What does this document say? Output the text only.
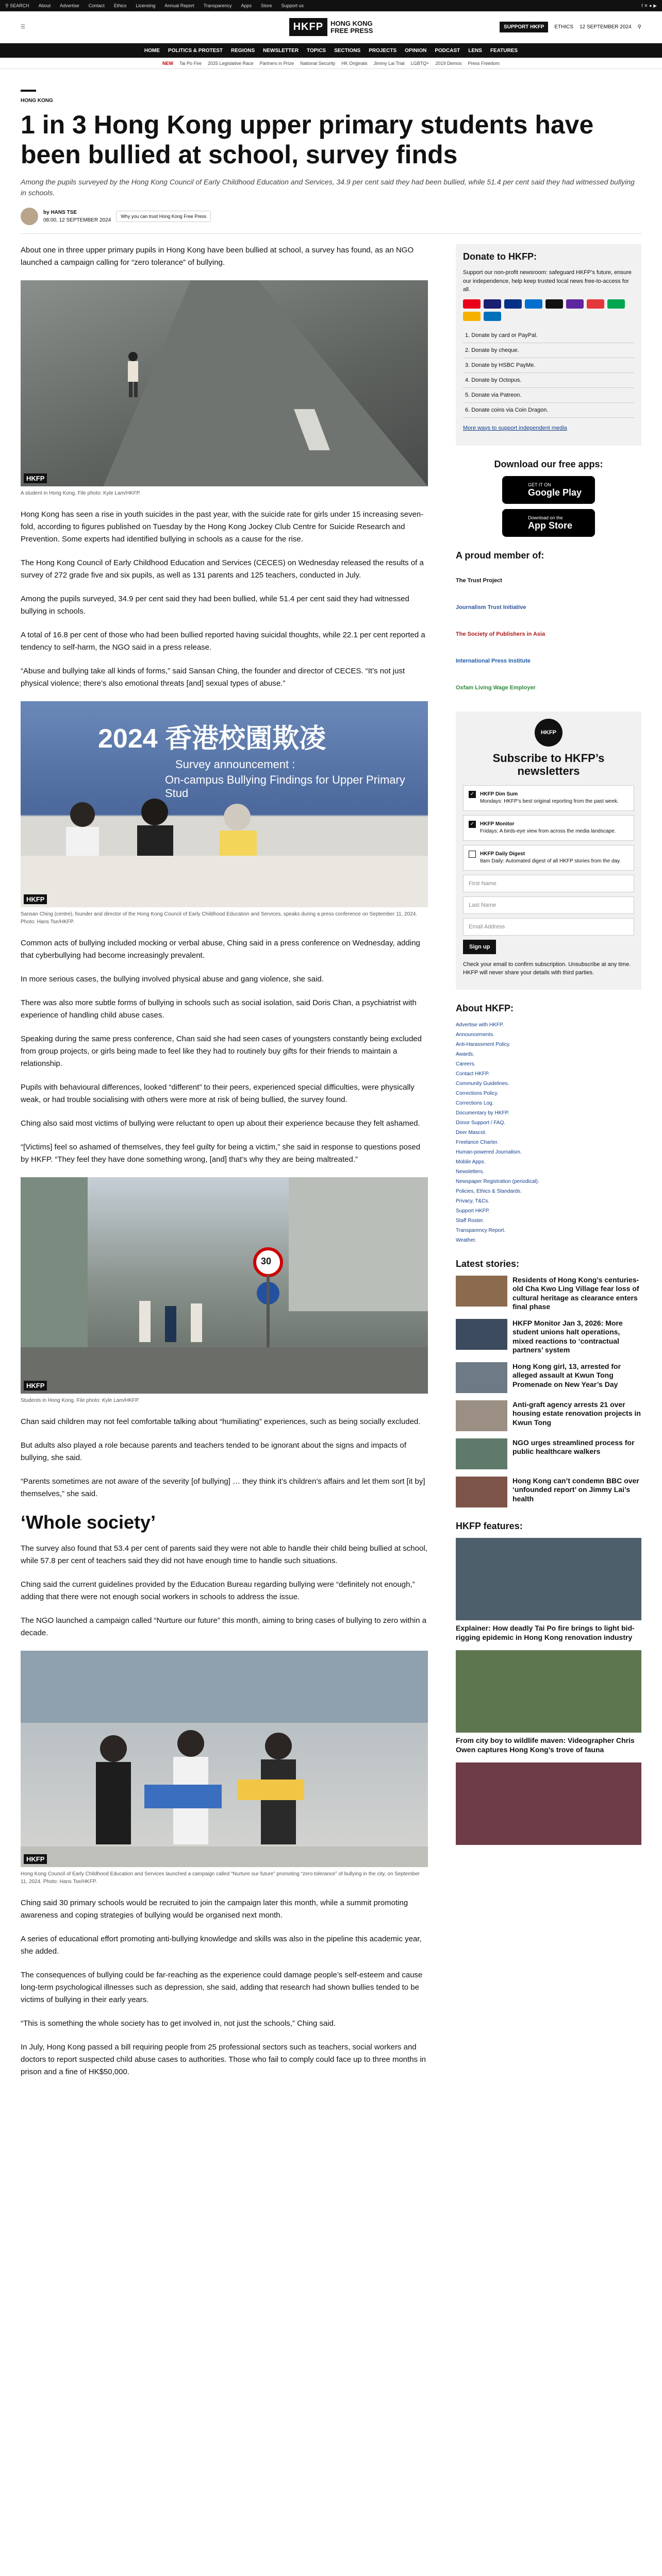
⚲ SEARCH About Advertise Contact Ethics Licensing Annual Report Transparency Apps Store Support us	f ✕ ● ▶
☰	HKFP	HONG KONG
FREE PRESS	SUPPORT HKFP	ETHICS 12 SEPTEMBER 2024 ⚲
HOME POLITICS & PROTEST REGIONS NEWSLETTER TOPICS SECTIONS PROJECTS OPINION PODCAST LENS FEATURES
NEW Tai Po Fire 2025 Legislative Race Partners in Prize National Security HK Originals Jimmy Lai Trial LGBTQ+ 2019 Demos Press Freedom
HONG KONG
1 in 3 Hong Kong upper primary students have been bullied at school, survey finds

Among the pupils surveyed by the Hong Kong Council of Early Childhood Education and Services, 34.9 per cent said they had been bullied, while 51.4 per cent said they had witnessed bullying in schools.

by HANS TSE
08:00, 12 SEPTEMBER 2024
Why you can trust Hong Kong Free Press

About one in three upper primary pupils in Hong Kong have been bullied at school, a survey has found, as an NGO launched a campaign calling for “zero tolerance” of bullying.

HKFP
A student in Hong Kong. File photo: Kyle Lam/HKFP.

Hong Kong has seen a rise in youth suicides in the past year, with the suicide rate for girls under 15 increasing seven-fold, according to figures published on Tuesday by the Hong Kong Jockey Club Centre for Suicide Research and Prevention. Some experts had identified bullying in schools as a cause for the rise.

The Hong Kong Council of Early Childhood Education and Services (CECES) on Wednesday released the results of a survey of 272 grade five and six pupils, as well as 131 parents and 125 teachers, conducted in July.

Among the pupils surveyed, 34.9 per cent said they had been bullied, while 51.4 per cent said they had witnessed bullying in schools.

A total of 16.8 per cent of those who had been bullied reported having suicidal thoughts, while 22.1 per cent reported a tendency to self-harm, the NGO said in a press release.

“Abuse and bullying take all kinds of forms,” said Sansan Ching, the founder and director of CECES. “It’s not just physical violence; there’s also emotional threats [and] sexual types of abuse.”

2024 香港校園欺凌
Survey announcement :
On-campus Bullying Findings for Upper Primary Stud
HKFP
Sansan Ching (centre), founder and director of the Hong Kong Council of Early Childhood Education and Services, speaks during a press conference on September 11, 2024. Photo: Hans Tse/HKFP.

Common acts of bullying included mocking or verbal abuse, Ching said in a press conference on Wednesday, adding that cyberbullying had become increasingly prevalent.

In more serious cases, the bullying involved physical abuse and gang violence, she said.

There was also more subtle forms of bullying in schools such as social isolation, said Doris Chan, a psychiatrist with experience of handling child abuse cases.

Speaking during the same press conference, Chan said she had seen cases of youngsters constantly being excluded from group projects, or girls being made to feel like they had to routinely buy gifts for their friends to maintain a relationship.

Pupils with behavioural differences, looked “different” to their peers, experienced special difficulties, were physically weak, or had trouble socialising with others were more at risk of being bullied, the survey found.

Ching also said most victims of bullying were reluctant to open up about their experience because they felt ashamed.

“[Victims] feel so ashamed of themselves, they feel guilty for being a victim,” she said in response to questions posed by HKFP. “They feel they have done something wrong, [and] that’s why they are being maltreated.”

30
HKFP
Students in Hong Kong. File photo: Kyle Lam/HKFP.

Chan said children may not feel comfortable talking about “humiliating” experiences, such as being socially excluded.

But adults also played a role because parents and teachers tended to be ignorant about the signs and impacts of bullying, she said.

“Parents sometimes are not aware of the severity [of bullying] … they think it’s children’s affairs and let them sort [it by] themselves,” she said.

‘Whole society’

The survey also found that 53.4 per cent of parents said they were not able to handle their child being bullied at school, while 57.8 per cent of teachers said they did not have enough time to handle such situations.

Ching said the current guidelines provided by the Education Bureau regarding bullying were “definitely not enough,” adding that there were not enough social workers in schools to address the issue.

The NGO launched a campaign called “Nurture our future” this month, aiming to bring cases of bullying to zero within a decade.

HKFP
Hong Kong Council of Early Childhood Education and Services launched a campaign called “Nurture our future” promoting “zero tolerance” of bullying in the city, on September 11, 2024. Photo: Hans Tse/HKFP.

Ching said 30 primary schools would be recruited to join the campaign later this month, while a summit promoting awareness and coping strategies of bullying would be organised next month.

A series of educational effort promoting anti-bullying knowledge and skills was also in the pipeline this academic year, she added.

The consequences of bullying could be far-reaching as the experience could damage people’s self-esteem and cause long-term psychological illnesses such as depression, she said, adding that research had shown bullies tended to be victims of bullying in their early years.

“This is something the whole society has to get involved in, not just the schools,” Ching said.

In July, Hong Kong passed a bill requiring people from 25 professional sectors such as teachers, social workers and doctors to report suspected child abuse cases to authorities. Those who fail to comply could face up to three months in prison and a fine of HK$50,000.

Donate to HKFP:

Support our non-profit newsroom: safeguard HKFP’s future, ensure our independence, help keep trusted local news free-to-access for all.

1. Donate by card or PayPal.
2. Donate by cheque.
3. Donate by HSBC PayMe.
4. Donate by Octopus.
5. Donate via Patreon.
6. Donate coins via Coin Dragon.

More ways to support independent media

Download our free apps:
GET IT ON
Google Play
Download on the
App Store
A proud member of:
The Trust Project
Journalism Trust Initiative
The Society of Publishers in Asia
International Press Institute
Oxfam Living Wage Employer
HKFP
Subscribe to HKFP’s newsletters
✓ HKFP Dim Sum
Mondays: HKFP’s best original reporting from the past week.
✓ HKFP Monitor
Fridays: A birds-eye view from across the media landscape.
HKFP Daily Digest
8am Daily: Automated digest of all HKFP stories from the day.
First Name
Last Name
Email Address
Sign up

Check your email to confirm subscription. Unsubscribe at any time. HKFP will never share your details with third parties.

About HKFP:
Advertise with HKFP.
Announcements.
Anti-Harassment Policy.
Awards.
Careers.
Contact HKFP.
Community Guidelines.
Corrections Policy.
Corrections Log.
Documentary by HKFP.
Donor Support / FAQ.
Deer Mascot.
Freelance Charter.
Human-powered Journalism.
Mobile Apps.
Newsletters.
Newspaper Registration (periodical).
Policies, Ethics & Standards.
Privacy, T&Cs.
Support HKFP.
Staff Roster.
Transparency Report.
Weather.
Latest stories:
Residents of Hong Kong’s centuries-old Cha Kwo Ling Village fear loss of cultural heritage as clearance enters final phase
HKFP Monitor Jan 3, 2026: More student unions halt operations, mixed reactions to ‘contractual partners’ system
Hong Kong girl, 13, arrested for alleged assault at Kwun Tong Promenade on New Year’s Day
Anti-graft agency arrests 21 over housing estate renovation projects in Kwun Tong
NGO urges streamlined process for public healthcare walkers
Hong Kong can’t condemn BBC over ‘unfounded report’ on Jimmy Lai’s health
HKFP features:
Explainer: How deadly Tai Po fire brings to light bid-rigging epidemic in Hong Kong renovation industry
From city boy to wildlife maven: Videographer Chris Owen captures Hong Kong’s trove of fauna
